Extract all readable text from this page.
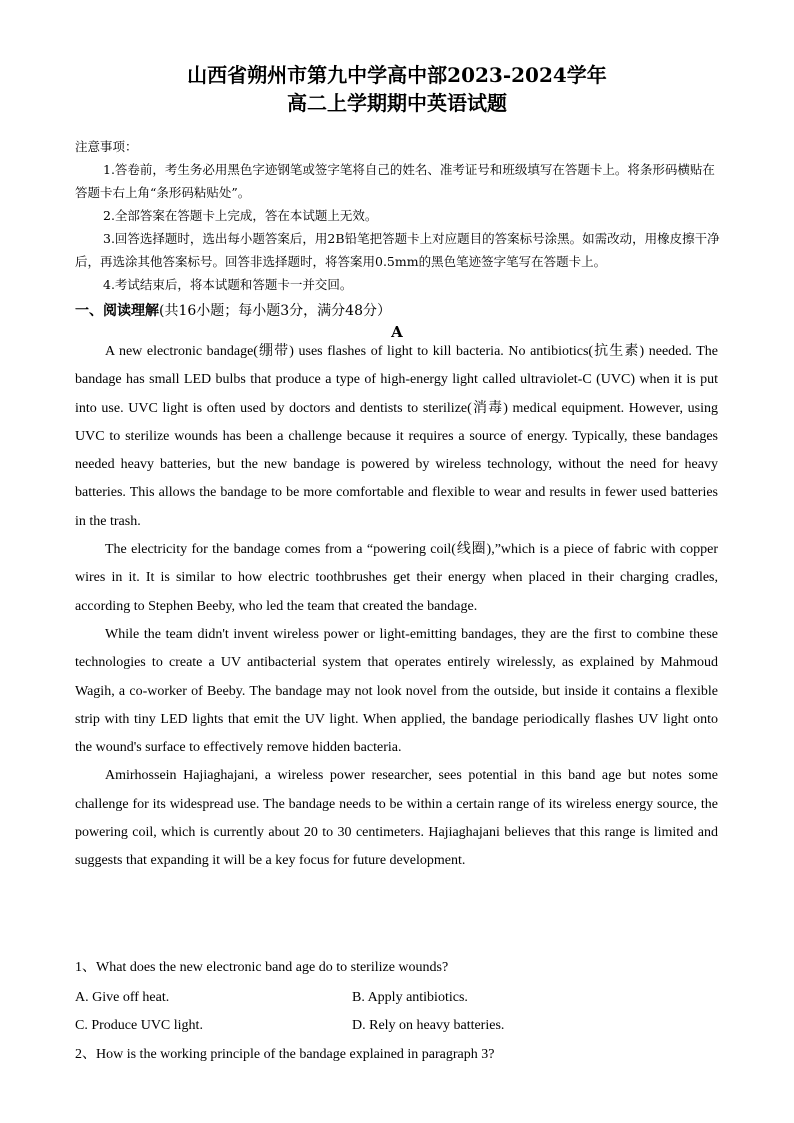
山西省朔州市第九中学高中部2023-2024学年
高二上学期期中英语试题

注意事项：

1.答卷前，考生务必用黑色字迹钢笔或签字笔将自己的姓名、准考证号和班级填写在答题卡上。将条形码横贴在答题卡右上角“条形码粘贴处”。

2.全部答案在答题卡上完成，答在本试题上无效。

3.回答选择题时，选出每小题答案后，用2B铅笔把答题卡上对应题目的答案标号涂黑。如需改动，用橡皮擦干净后，再选涂其他答案标号。回答非选择题时，将答案用0.5mm的黑色笔迹签字笔写在答题卡上。

4.考试结束后，将本试题和答题卡一并交回。

一、阅读理解(共16小题；每小题3分，满分48分）
A

A new electronic bandage(绷带) uses flashes of light to kill bacteria. No antibiotics(抗生素) needed. The bandage has small LED bulbs that produce a type of high-energy light called ultraviolet-C (UVC) when it is put into use. UVC light is often used by doctors and dentists to sterilize(消毒) medical equipment. However, using UVC to sterilize wounds has been a challenge because it requires a source of energy. Typically, these bandages needed heavy batteries, but the new bandage is powered by wireless technology, without the need for heavy batteries. This allows the bandage to be more comfortable and flexible to wear and results in fewer used batteries in the trash.

The electricity for the bandage comes from a “powering coil(线圈),”which is a piece of fabric with copper wires in it. It is similar to how electric toothbrushes get their energy when placed in their charging cradles, according to Stephen Beeby, who led the team that created the bandage.

While the team didn't invent wireless power or light-emitting bandages, they are the first to combine these technologies to create a UV antibacterial system that operates entirely wirelessly, as explained by Mahmoud Wagih, a co-worker of Beeby. The bandage may not look novel from the outside, but inside it contains a flexible strip with tiny LED lights that emit the UV light. When applied, the bandage periodically flashes UV light onto the wound's surface to effectively remove hidden bacteria.

Amirhossein Hajiaghajani, a wireless power researcher, sees potential in this band age but notes some challenge for its widespread use. The bandage needs to be within a certain range of its wireless energy source, the powering coil, which is currently about 20 to 30 centimeters. Hajiaghajani believes that this range is limited and suggests that expanding it will be a key focus for future development.

1、What does the new electronic band age do to sterilize wounds?
A. Give off heat.	B. Apply antibiotics.
C. Produce UVC light.	D. Rely on heavy batteries.
2、How is the working principle of the bandage explained in paragraph 3?
